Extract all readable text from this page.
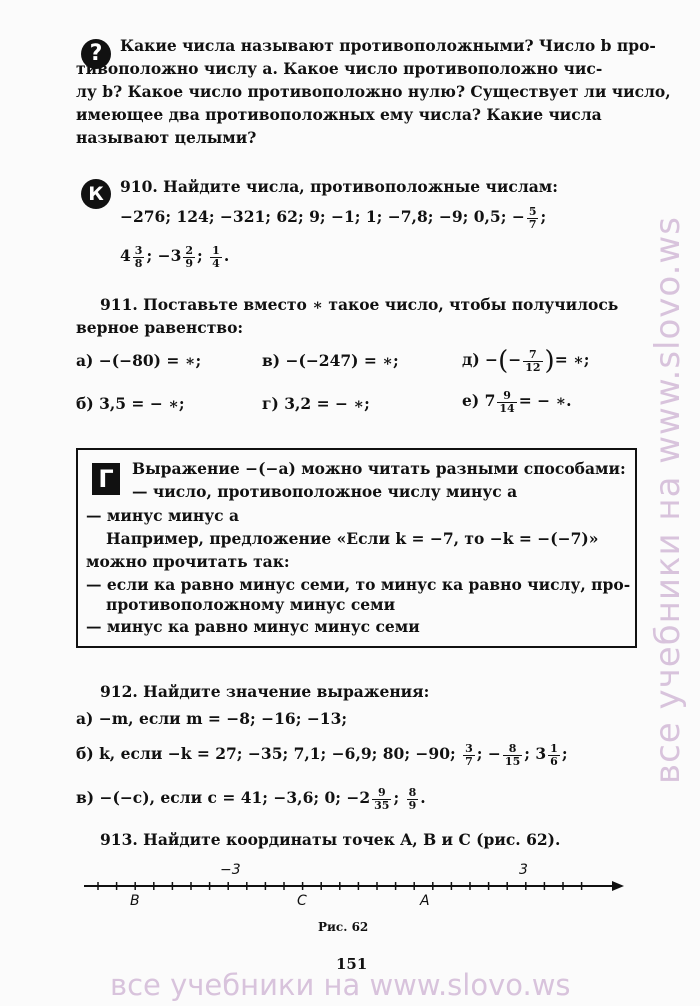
?	Какие числа называют противоположными? Число b про-
тивоположно числу a. Какое число противоположно чис-
лу b? Какое число противоположно нулю? Существует ли число,
имеющее два противоположных ему числа? Какие числа
называют целыми?
К	910. Найдите числа, противоположные числам:
−276; 124; −321; 62; 9; −1; 1; −7,8; −9; 0,5; − $\frac{5}{7}$ ;
$4 \frac{3}{8}$ ; $-3 \frac{2}{9}$ ; $\frac{1}{4}$ .
911. Поставьте вместо ∗ такое число, чтобы получилось
верное равенство:
а) −(−80) = ∗;	в) −(−247) = ∗;	д) −(− $\frac{7}{12}$ )= ∗;
б) 3,5 = − ∗;	г) 3,2 = − ∗;	е) $7 \frac{9}{14}$ = − ∗.
Г	Выражение −(−a) можно читать разными способами:
— число, противоположное числу минус a
— минус минус a
Например, предложение «Если k = −7, то −k = −(−7)»
можно прочитать так:
— если ка равно минус семи, то минус ка равно числу, про-
противоположному минус семи
— минус ка равно минус минус семи
912. Найдите значение выражения:
а) −m, если m = −8; −16; −13;
б) k, если −k = 27; −35; 7,1; −6,9; 80; −90; $\frac{3}{7}$ ; − $\frac{8}{15}$ ; $3 \frac{1}{6}$ ;
в) −(−c), если c = 41; −3,6; 0; $-2 \frac{9}{35}$ ; $\frac{8}{9}$ .
913. Найдите координаты точек A, B и C (рис. 62).
−3	3
B	C	A
Рис. 62
151
все учебники на www.slovo.ws
все учебники на www.slovo.ws
